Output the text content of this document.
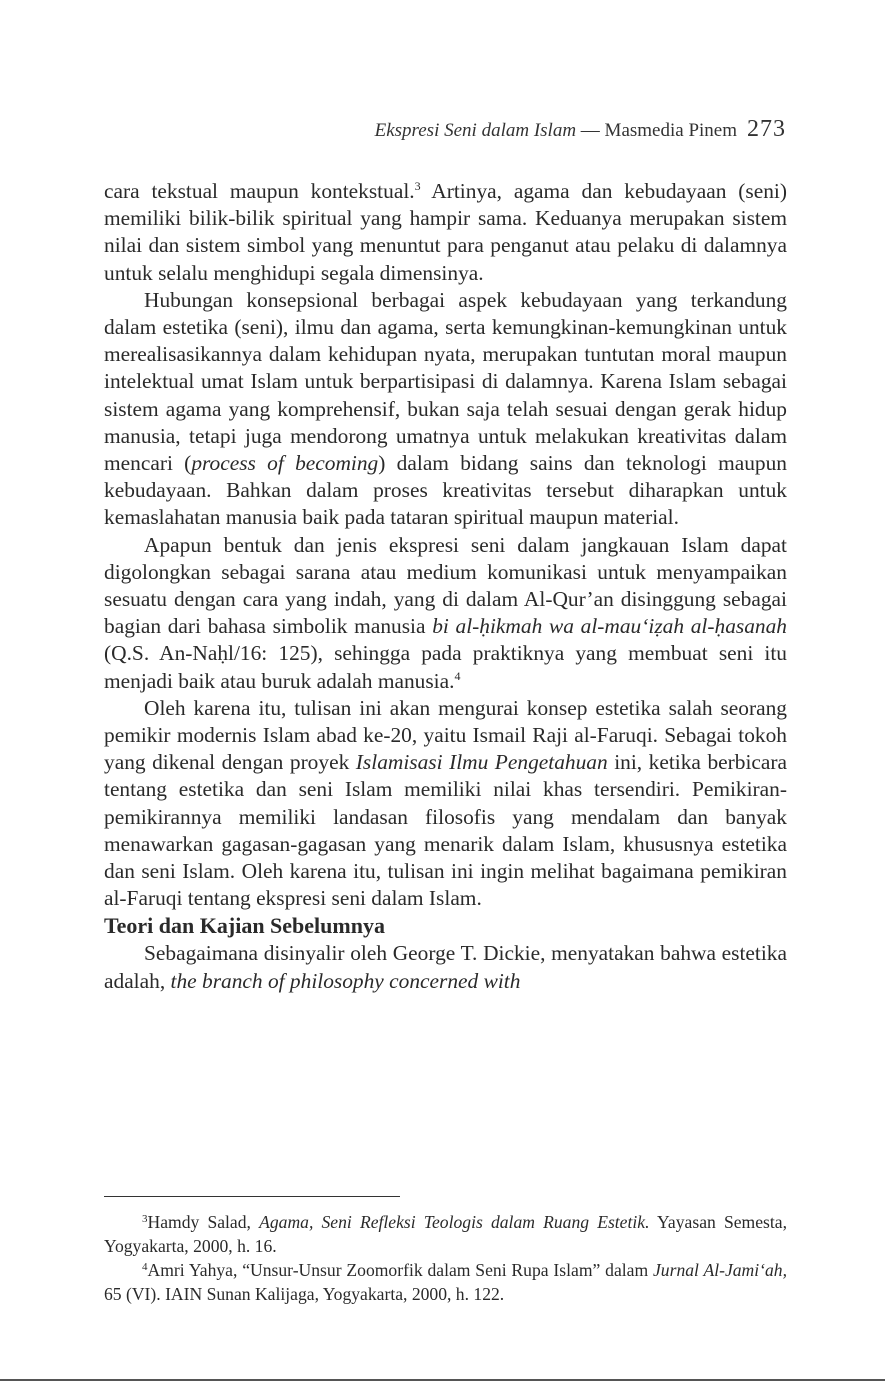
Ekspresi Seni dalam Islam — Masmedia Pinem 273

cara tekstual maupun kontekstual.$^3$ Artinya, agama dan kebudayaan (seni) memiliki bilik-bilik spiritual yang hampir sama. Keduanya merupakan sistem nilai dan sistem simbol yang menuntut para penganut atau pelaku di dalamnya untuk selalu menghidupi segala dimensinya.

Hubungan konsepsional berbagai aspek kebudayaan yang terkandung dalam estetika (seni), ilmu dan agama, serta kemungkinan-kemungkinan untuk merealisasikannya dalam kehidupan nyata, merupakan tuntutan moral maupun intelektual umat Islam untuk berpartisipasi di dalamnya. Karena Islam sebagai sistem agama yang komprehensif, bukan saja telah sesuai dengan gerak hidup manusia, tetapi juga mendorong umatnya untuk melakukan kreativitas dalam mencari (process of becoming) dalam bidang sains dan teknologi maupun kebudayaan. Bahkan dalam proses kreativitas tersebut diharapkan untuk kemaslahatan manusia baik pada tataran spiritual maupun material.

Apapun bentuk dan jenis ekspresi seni dalam jangkauan Islam dapat digolongkan sebagai sarana atau medium komunikasi untuk menyampaikan sesuatu dengan cara yang indah, yang di dalam Al-Qur’an disinggung sebagai bagian dari bahasa simbolik manusia bi al-ḥikmah wa al-mau‘iẓah al-ḥasanah (Q.S. An-Naḥl/16: 125), sehingga pada praktiknya yang membuat seni itu menjadi baik atau buruk adalah manusia.$^4$

Oleh karena itu, tulisan ini akan mengurai konsep estetika salah seorang pemikir modernis Islam abad ke-20, yaitu Ismail Raji al-Faruqi. Sebagai tokoh yang dikenal dengan proyek Islamisasi Ilmu Pengetahuan ini, ketika berbicara tentang estetika dan seni Islam memiliki nilai khas tersendiri. Pemikiran-pemikirannya memiliki landasan filosofis yang mendalam dan banyak menawarkan gagasan-gagasan yang menarik dalam Islam, khususnya estetika dan seni Islam. Oleh karena itu, tulisan ini ingin melihat bagaimana pemikiran al-Faruqi tentang ekspresi seni dalam Islam.

Teori dan Kajian Sebelumnya

Sebagaimana disinyalir oleh George T. Dickie, menyatakan bahwa estetika adalah, the branch of philosophy concerned with

$^3$Hamdy Salad, Agama, Seni Refleksi Teologis dalam Ruang Estetik. Yayasan Semesta, Yogyakarta, 2000, h. 16.

$^4$Amri Yahya, “Unsur-Unsur Zoomorfik dalam Seni Rupa Islam” dalam Jurnal Al-Jami‘ah, 65 (VI). IAIN Sunan Kalijaga, Yogyakarta, 2000, h. 122.
